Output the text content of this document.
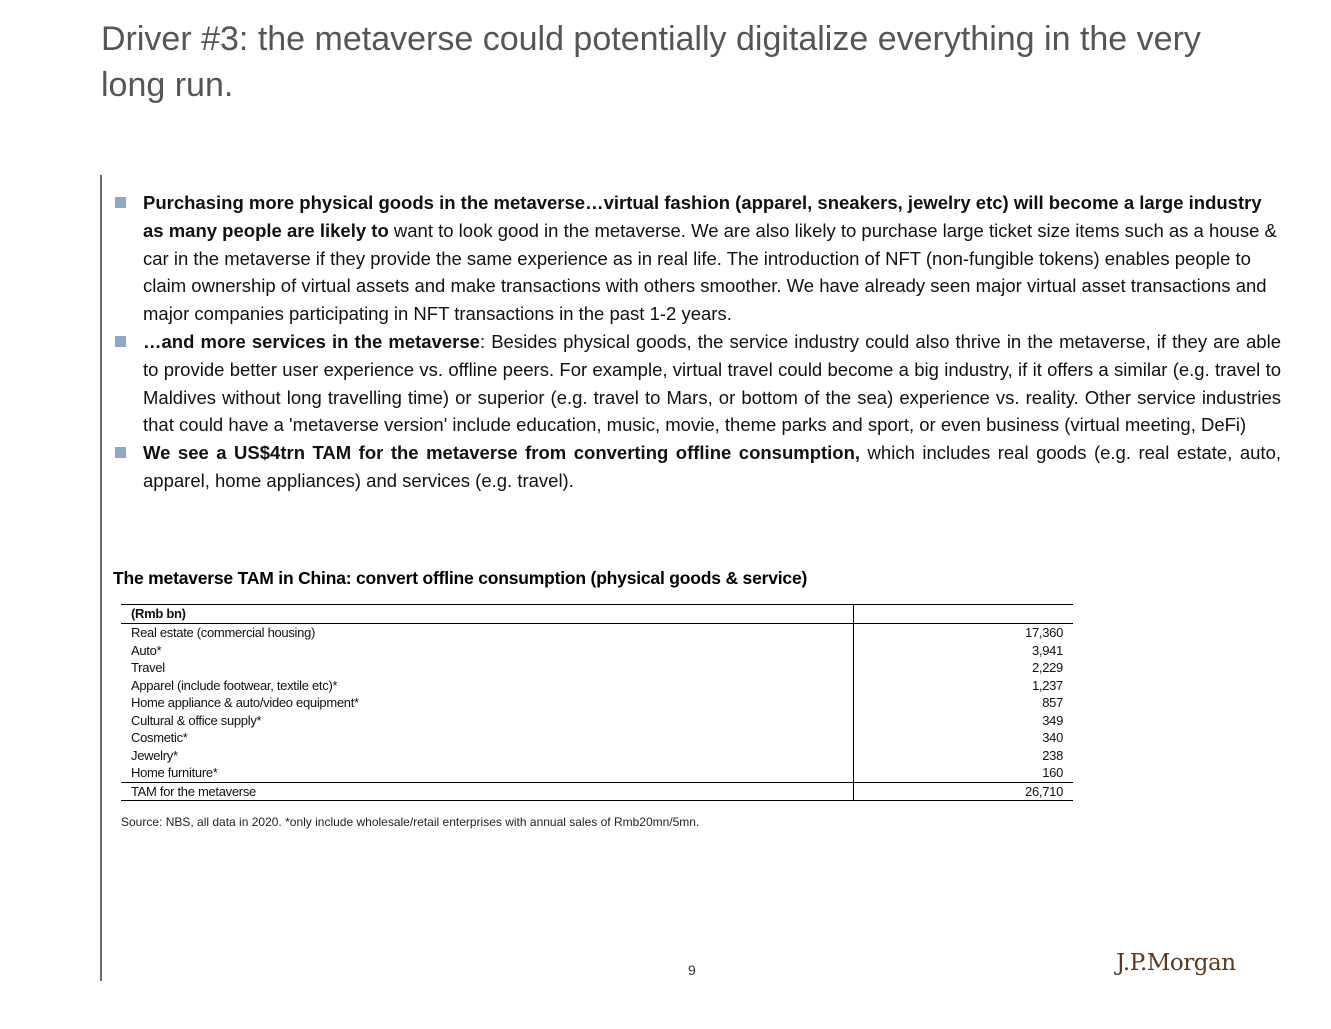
Driver #3: the metaverse could potentially digitalize everything in the very long run.
Purchasing more physical goods in the metaverse…virtual fashion (apparel, sneakers, jewelry etc) will become a large industry as many people are likely to want to look good in the metaverse. We are also likely to purchase large ticket size items such as a house & car in the metaverse if they provide the same experience as in real life. The introduction of NFT (non-fungible tokens) enables people to claim ownership of virtual assets and make transactions with others smoother. We have already seen major virtual asset transactions and major companies participating in NFT transactions in the past 1-2 years.
…and more services in the metaverse: Besides physical goods, the service industry could also thrive in the metaverse, if they are able to provide better user experience vs. offline peers. For example, virtual travel could become a big industry, if it offers a similar (e.g. travel to Maldives without long travelling time) or superior (e.g. travel to Mars, or bottom of the sea) experience vs. reality. Other service industries that could have a 'metaverse version' include education, music, movie, theme parks and sport, or even business (virtual meeting, DeFi)
We see a US$4trn TAM for the metaverse from converting offline consumption, which includes real goods (e.g. real estate, auto, apparel, home appliances) and services (e.g. travel).
The metaverse TAM in China: convert offline consumption (physical goods & service)
(Rmb bn)	
Real estate (commercial housing)	17,360
Auto*	3,941
Travel	2,229
Apparel (include footwear, textile etc)*	1,237
Home appliance & auto/video equipment*	857
Cultural & office supply*	349
Cosmetic*	340
Jewelry*	238
Home furniture*	160
TAM for the metaverse	26,710
Source: NBS, all data in 2020. *only include wholesale/retail enterprises with annual sales of Rmb20mn/5mn.
9	J.P.Morgan
